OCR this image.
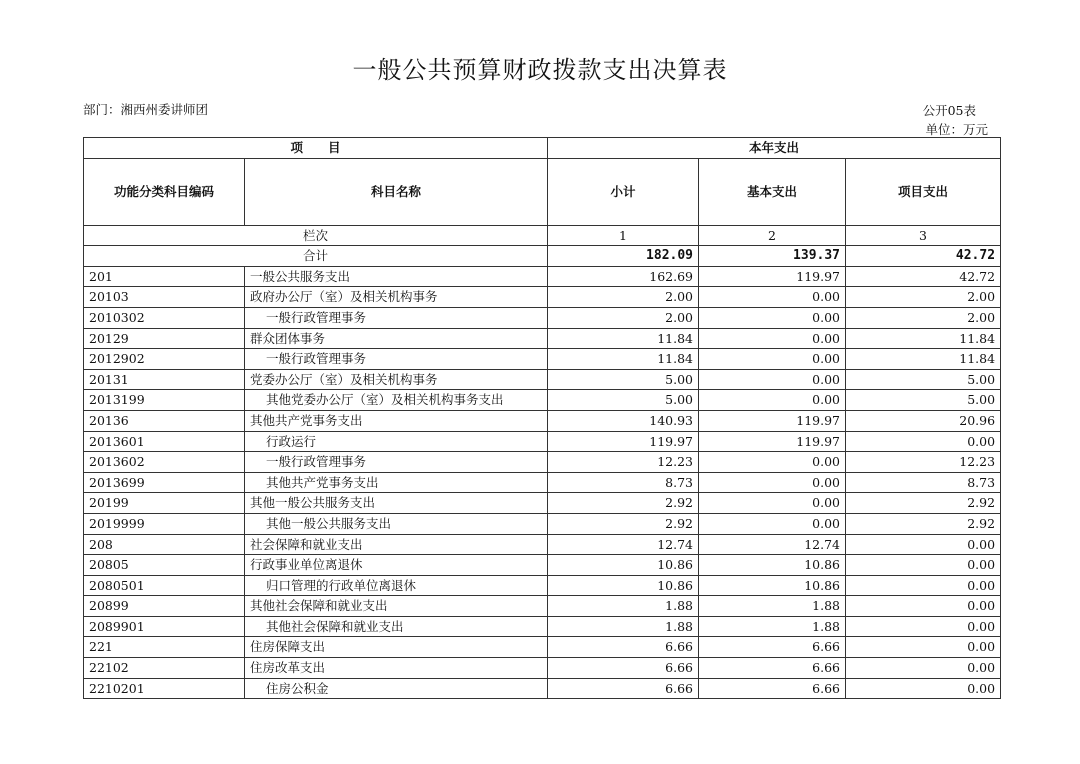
一般公共预算财政拨款支出决算表
部门：湘西州委讲师团	公开05表
单位：万元
项　　目		本年支出		
功能分类科目编码	科目名称	小计	基本支出	项目支出
栏次		1	2	3
合计		182.09	139.37	42.72
201	一般公共服务支出	162.69	119.97	42.72
20103	政府办公厅（室）及相关机构事务	2.00	0.00	2.00
2010302	一般行政管理事务	2.00	0.00	2.00
20129	群众团体事务	11.84	0.00	11.84
2012902	一般行政管理事务	11.84	0.00	11.84
20131	党委办公厅（室）及相关机构事务	5.00	0.00	5.00
2013199	其他党委办公厅（室）及相关机构事务支出	5.00	0.00	5.00
20136	其他共产党事务支出	140.93	119.97	20.96
2013601	行政运行	119.97	119.97	0.00
2013602	一般行政管理事务	12.23	0.00	12.23
2013699	其他共产党事务支出	8.73	0.00	8.73
20199	其他一般公共服务支出	2.92	0.00	2.92
2019999	其他一般公共服务支出	2.92	0.00	2.92
208	社会保障和就业支出	12.74	12.74	0.00
20805	行政事业单位离退休	10.86	10.86	0.00
2080501	归口管理的行政单位离退休	10.86	10.86	0.00
20899	其他社会保障和就业支出	1.88	1.88	0.00
2089901	其他社会保障和就业支出	1.88	1.88	0.00
221	住房保障支出	6.66	6.66	0.00
22102	住房改革支出	6.66	6.66	0.00
2210201	住房公积金	6.66	6.66	0.00
